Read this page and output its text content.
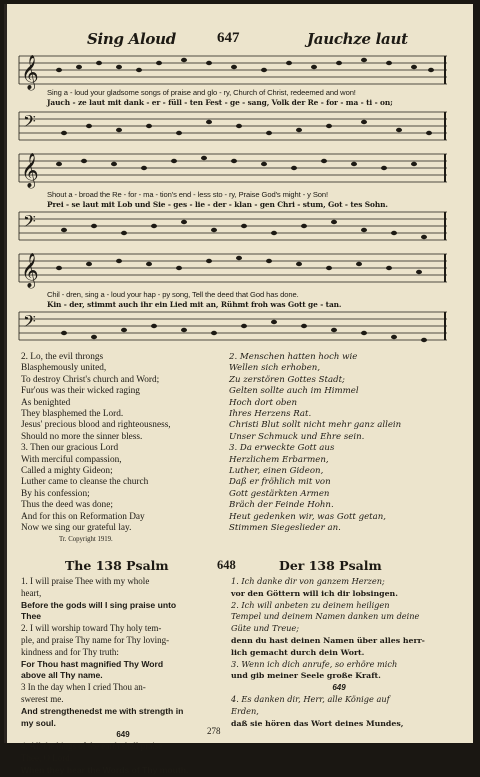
Sing Aloud	647	Jauchze laut
𝄞
Sing a - loud your gladsome songs of praise and glo - ry, Church of Christ, redeemed and won!
Jauch - ze laut mit dank - er - füll - ten Fest - ge - sang, Volk der Re - for - ma - ti - on;
𝄢
𝄞
Shout a - broad the Re - for - ma - tion's end - less sto - ry, Praise God's might - y Son!
Prei - se laut mit Lob und Sie - ges - lie - der - klan - gen Chri - stum, Got - tes Sohn.
𝄢
𝄞
Chil - dren, sing a - loud your hap - py song, Tell the deed that God has done.
Kin - der, stimmt auch ihr ein Lied mit an, Rühmt froh was Gott ge - tan.
𝄢
2. Lo, the evil throngs
Blasphemously united,
To destroy Christ's church and Word;
Fur'ous was their wicked raging
As benighted
They blasphemed the Lord.
Jesus' precious blood and righteousness,
Should no more the sinner bless.
3. Then our gracious Lord
With merciful compassion,
Called a mighty Gideon;
Luther came to cleanse the church
By his confession;
Thus the deed was done;
And for this on Reformation Day
Now we sing our grateful lay.
Tr. Copyright 1919.
2. Menschen hatten hoch wie
Wellen sich erhoben,
Zu zerstören Gottes Stadt;
Gelten sollte auch im Himmel
Hoch dort oben
Ihres Herzens Rat.
Christi Blut sollt nicht mehr ganz allein
Unser Schmuck und Ehre sein.
3. Da erweckte Gott aus
Herzlichem Erbarmen,
Luther, einen Gideon,
Daß er fröhlich mit von
Gott gestärkten Armen
Bräch der Feinde Hohn.
Heut gedenken wir, was Gott getan,
Stimmen Siegeslieder an.
The 138 Psalm	648	Der 138 Psalm
1. I will praise Thee with my whole
heart,
Before the gods will I sing praise unto
Thee
2. I will worship toward Thy holy tem-
ple, and praise Thy name for Thy loving-
kindness and for Thy truth:
For Thou hast magnified Thy Word
above all Thy name.
3 In the day when I cried Thou an-
swerest me.
And strengthenedst me with strength in
my soul.
649
4. All the kings of the earth shall praise
Thee, O Lord,
When they hear the Words of Thy mouth.
1. Ich danke dir von ganzem Herzen;
vor den Göttern will ich dir lobsingen.
2. Ich will anbeten zu deinem heiligen
Tempel und deinem Namen danken um deine
Güte und Treue;
denn du hast deinen Namen über alles herr-
lich gemacht durch dein Wort.
3. Wenn ich dich anrufe, so erhöre mich
und gib meiner Seele große Kraft.
649
4. Es danken dir, Herr, alle Könige auf
Erden,
daß sie hören das Wort deines Mundes,
278
